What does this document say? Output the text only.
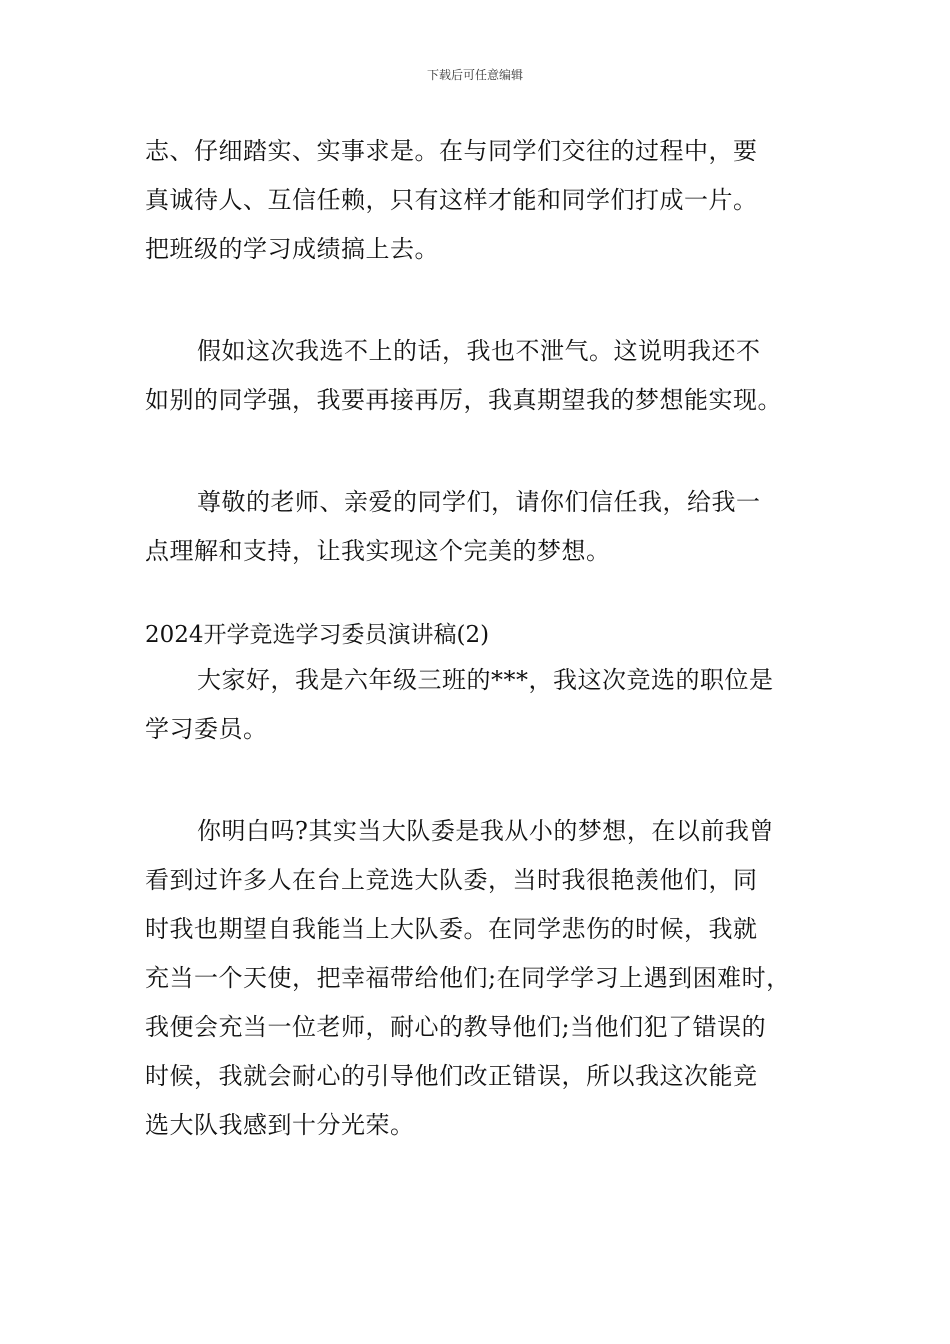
下载后可任意编辑
志、仔细踏实、实事求是。在与同学们交往的过程中，要
真诚待人、互信任赖，只有这样才能和同学们打成一片。
把班级的学习成绩搞上去。
假如这次我选不上的话，我也不泄气。这说明我还不
如别的同学强，我要再接再厉，我真期望我的梦想能实现。
尊敬的老师、亲爱的同学们，请你们信任我，给我一
点理解和支持，让我实现这个完美的梦想。
2024开学竞选学习委员演讲稿(2)
大家好，我是六年级三班的***，我这次竞选的职位是
学习委员。
你明白吗?其实当大队委是我从小的梦想，在以前我曾
看到过许多人在台上竞选大队委，当时我很艳羡他们，同
时我也期望自我能当上大队委。在同学悲伤的时候，我就
充当一个天使，把幸福带给他们;在同学学习上遇到困难时，
我便会充当一位老师，耐心的教导他们;当他们犯了错误的
时候，我就会耐心的引导他们改正错误，所以我这次能竞
选大队我感到十分光荣。
